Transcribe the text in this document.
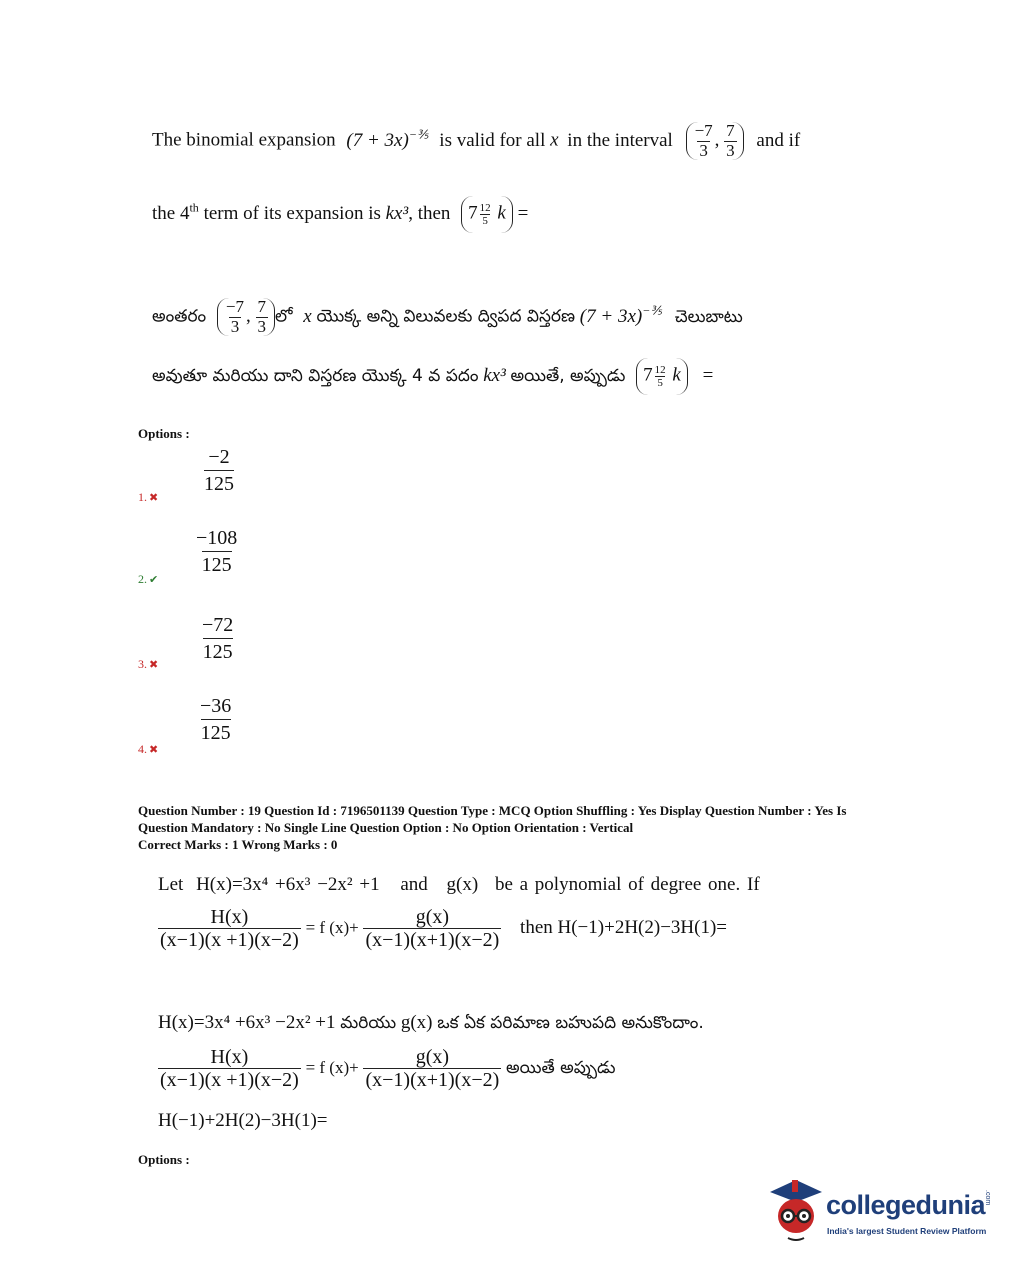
The binomial expansion $(7 + 3x)^{-\frac{3}{5}}$ is valid for all x in the interval $\frac{-7}{3}$ , $\frac{7}{3}$ and if
the 4th term of its expansion is kx³, then $7 \frac{12}{5}$ k =
అంతరం $\frac{-7}{3}$ , $\frac{7}{3}$ లో x యొక్క అన్ని విలువలకు ద్విపద విస్తరణ $(7 + 3x)^{-\frac{3}{5}}$ చెలుబాటు
అవుతూ మరియు దాని విస్తరణ యొక్క 4 వ పదం kx³ అయితే, అప్పుడు $7 \frac{12}{5}$ k =
Options :
$\frac{-2}{125}$
1. ✖
$\frac{-108}{125}$
2. ✔
$\frac{-72}{125}$
3. ✖
$\frac{-36}{125}$
4. ✖
Question Number : 19 Question Id : 7196501139 Question Type : MCQ Option Shuffling : Yes Display Question Number : Yes Is
Question Mandatory : No Single Line Question Option : No Option Orientation : Vertical
Correct Marks : 1 Wrong Marks : 0
Let H(x)=3x⁴ +6x³ −2x² +1 and g(x) be a polynomial of degree one. If
$\frac{H(x)}{(x-1)(x +1)(x-2)} = f$ $(x)+ \frac{g(x)}{(x-1)(x+1)(x-2)}$ then H(−1)+2H(2)−3H(1)=
H(x)=3x⁴ +6x³ −2x² +1 మరియు g(x) ఒక ఏక పరిమాణ బహుపది అనుకొందాం.
$\frac{H(x)}{(x-1)(x +1)(x-2)} = f$ $(x)+ \frac{g(x)}{(x-1)(x+1)(x-2)}$ అయితే అప్పుడు
H(−1)+2H(2)−3H(1)=
Options :
collegedunia
.com
India's largest Student Review Platform
